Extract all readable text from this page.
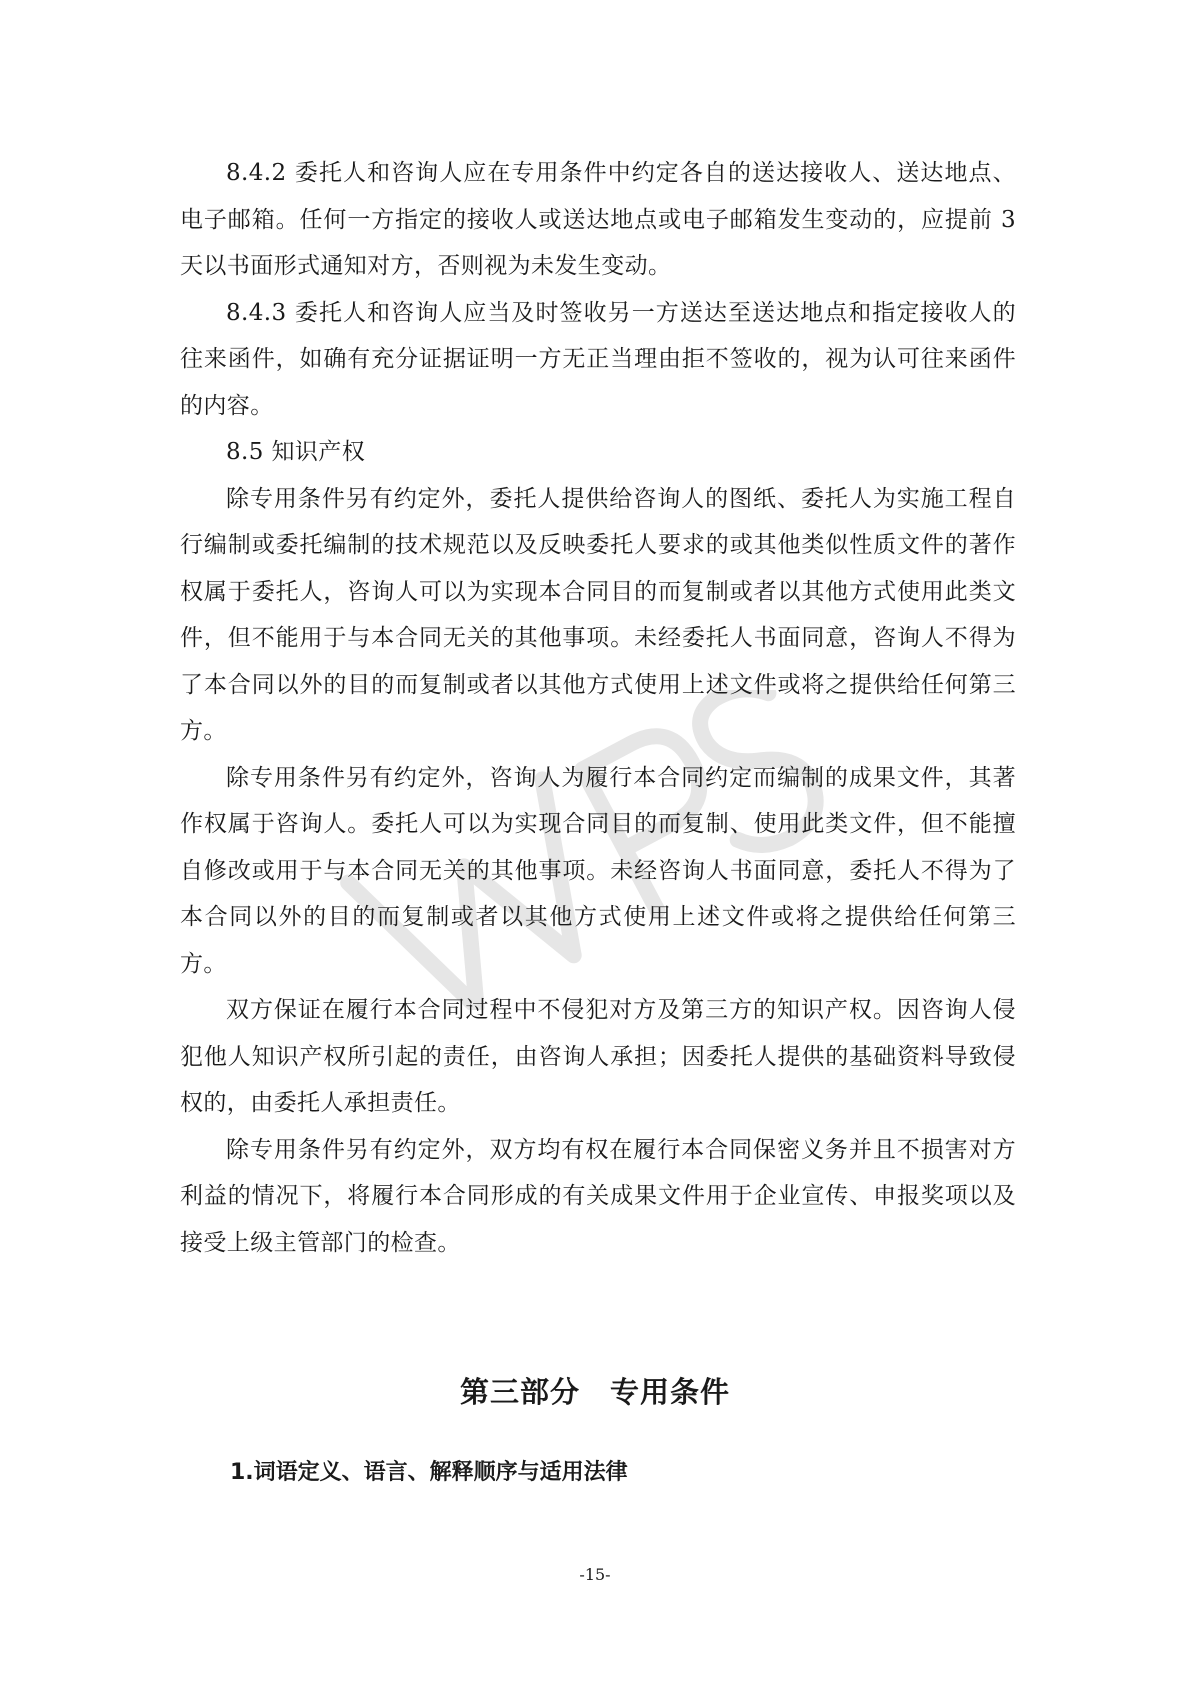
8.4.2 委托人和咨询人应在专用条件中约定各自的送达接收人、送达地点、电子邮箱。任何一方指定的接收人或送达地点或电子邮箱发生变动的，应提前 3 天以书面形式通知对方，否则视为未发生变动。

8.4.3 委托人和咨询人应当及时签收另一方送达至送达地点和指定接收人的往来函件，如确有充分证据证明一方无正当理由拒不签收的，视为认可往来函件的内容。

8.5 知识产权

除专用条件另有约定外，委托人提供给咨询人的图纸、委托人为实施工程自行编制或委托编制的技术规范以及反映委托人要求的或其他类似性质文件的著作权属于委托人，咨询人可以为实现本合同目的而复制或者以其他方式使用此类文件，但不能用于与本合同无关的其他事项。未经委托人书面同意，咨询人不得为了本合同以外的目的而复制或者以其他方式使用上述文件或将之提供给任何第三方。

除专用条件另有约定外，咨询人为履行本合同约定而编制的成果文件，其著作权属于咨询人。委托人可以为实现合同目的而复制、使用此类文件，但不能擅自修改或用于与本合同无关的其他事项。未经咨询人书面同意，委托人不得为了本合同以外的目的而复制或者以其他方式使用上述文件或将之提供给任何第三方。

双方保证在履行本合同过程中不侵犯对方及第三方的知识产权。因咨询人侵犯他人知识产权所引起的责任，由咨询人承担；因委托人提供的基础资料导致侵权的，由委托人承担责任。

除专用条件另有约定外，双方均有权在履行本合同保密义务并且不损害对方利益的情况下，将履行本合同形成的有关成果文件用于企业宣传、申报奖项以及接受上级主管部门的检查。

第三部分　专用条件
1.词语定义、语言、解释顺序与适用法律
-15-
